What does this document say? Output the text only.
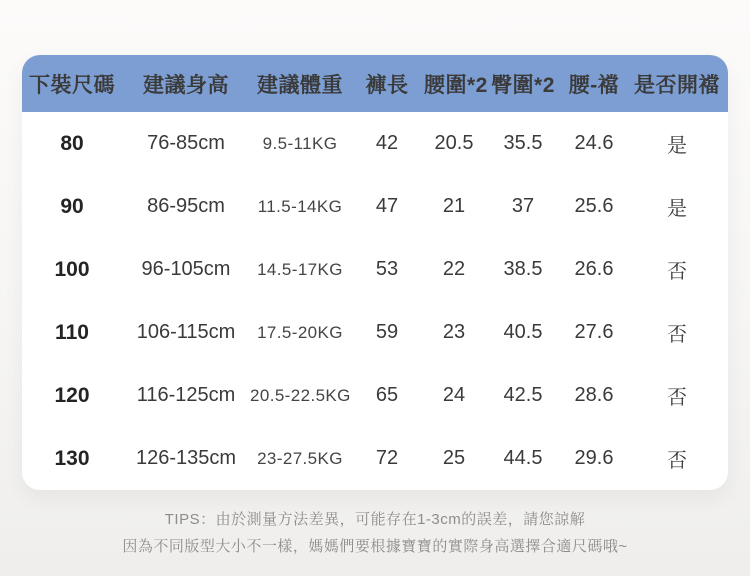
下裝尺碼	建議身高	建議體重	褲長 腰圍*2 臀圍*2 腰-襠 是否開襠
80	76-85cm	9.5-11KG	42	20.5	35.5	24.6	是
90	86-95cm	11.5-14KG	47	21	37	25.6	是
100	96-105cm	14.5-17KG	53	22	38.5	26.6	否
110	106-115cm	17.5-20KG	59	23	40.5	27.6	否
120	116-125cm 20.5-22.5KG	65	24	42.5	28.6	否
130	126-135cm	23-27.5KG	72	25	44.5	29.6	否
TIPS：由於測量方法差異，可能存在1-3cm的誤差，請您諒解
因為不同版型大小不一樣，媽媽們要根據寶寶的實際身高選擇合適尺碼哦~
